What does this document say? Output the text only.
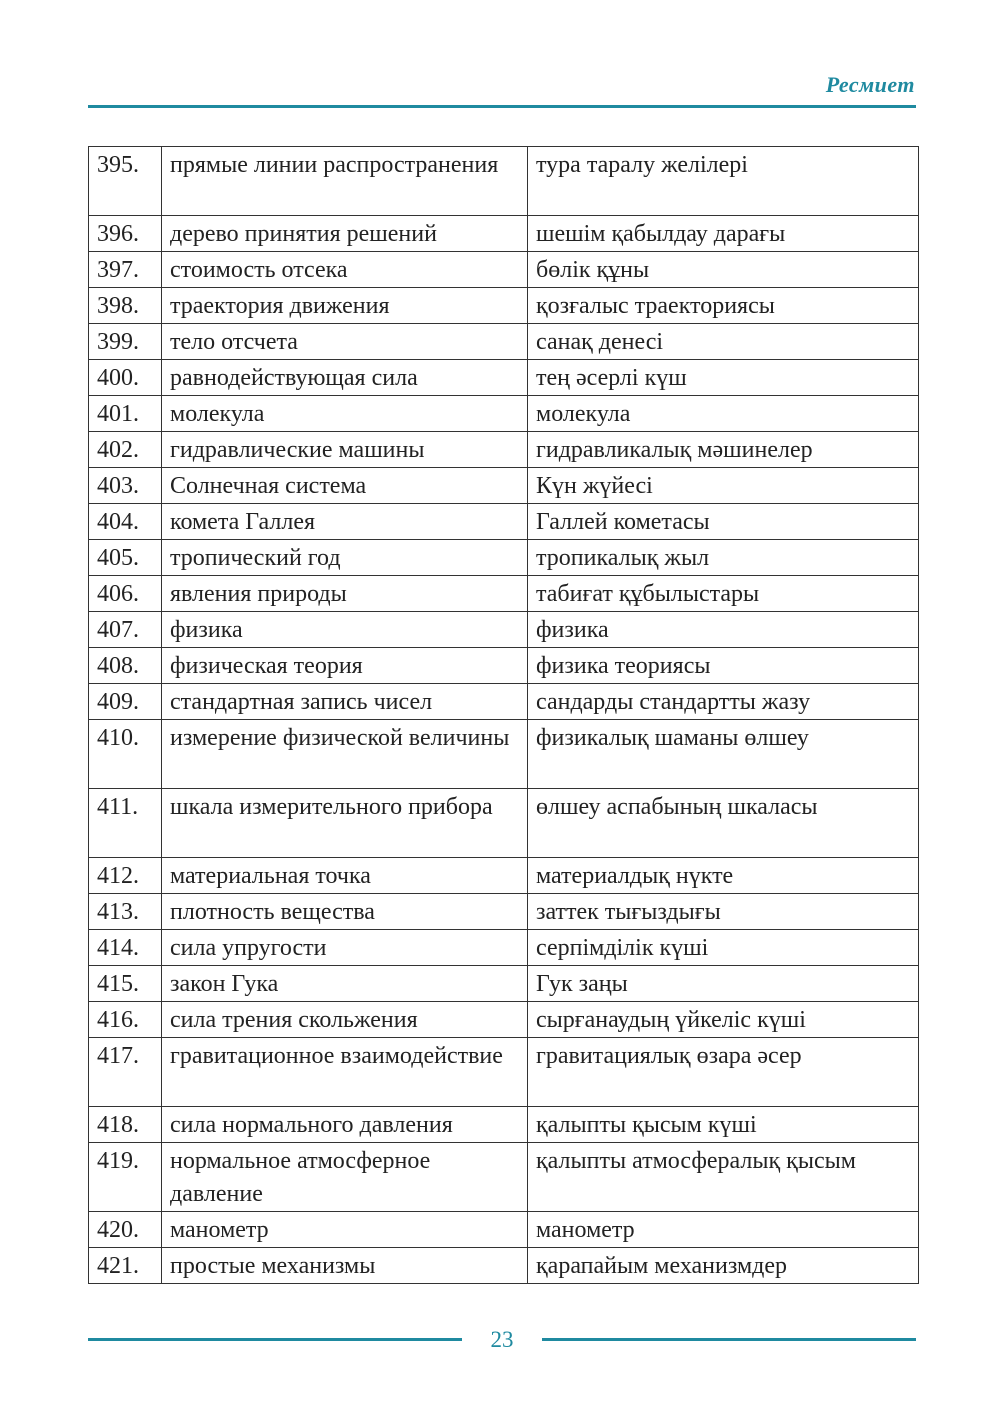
Ресмиет
395.	прямые линии распространения	тура таралу желілері
396.	дерево принятия решений	шешім қабылдау дарағы
397.	стоимость отсека	бөлік құны
398.	траектория движения	қозғалыс траекториясы
399.	тело отсчета	санақ денесі
400.	равнодействующая сила	тең әсерлі күш
401.	молекула	молекула
402.	гидравлические машины	гидравликалық мәшинелер
403.	Солнечная система	Күн жүйесі
404.	комета Галлея	Галлей кометасы
405.	тропический год	тропикалық жыл
406.	явления природы	табиғат құбылыстары
407.	физика	физика
408.	физическая теория	физика теориясы
409.	стандартная запись чисел	сандарды стандартты жазу
410.	измерение физической величины	физикалық шаманы өлшеу
411.	шкала измерительного прибора	өлшеу аспабының шкаласы
412.	материальная точка	материалдық нүкте
413.	плотность вещества	заттек тығыздығы
414.	сила упругости	серпімділік күші
415.	закон Гука	Гук заңы
416.	сила трения скольжения	сырғанаудың үйкеліс күші
417.	гравитационное взаимодействие	гравитациялық өзара әсер
418.	сила нормального давления	қалыпты қысым күші
419.	нормальное атмосферное давление	қалыпты атмосфералық қысым
420.	манометр	манометр
421.	простые механизмы	қарапайым механизмдер
23
